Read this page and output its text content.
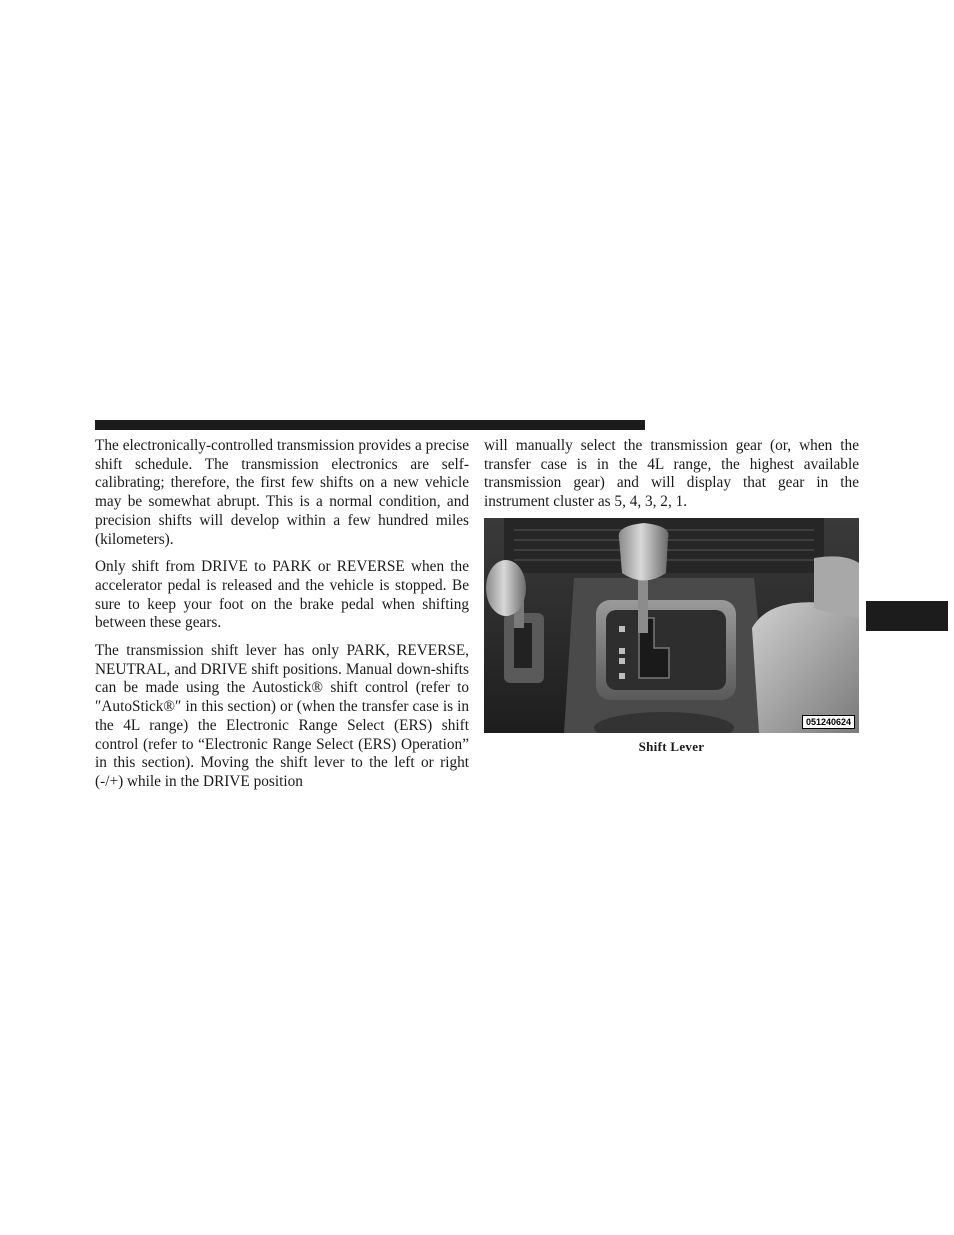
The electronically-controlled transmission provides a precise shift schedule. The transmission electronics are self-calibrating; therefore, the first few shifts on a new vehicle may be somewhat abrupt. This is a normal condition, and precision shifts will develop within a few hundred miles (kilometers).

Only shift from DRIVE to PARK or REVERSE when the accelerator pedal is released and the vehicle is stopped. Be sure to keep your foot on the brake pedal when shifting between these gears.

The transmission shift lever has only PARK, REVERSE, NEUTRAL, and DRIVE shift positions. Manual down-shifts can be made using the Autostick® shift control (refer to ″AutoStick®″ in this section) or (when the transfer case is in the 4L range) the Electronic Range Select (ERS) shift control (refer to “Electronic Range Select (ERS) Operation” in this section). Moving the shift lever to the left or right (-/+) while in the DRIVE position

will manually select the transmission gear (or, when the transfer case is in the 4L range, the highest available transmission gear) and will display that gear in the instrument cluster as 5, 4, 3, 2, 1.

051240624
Shift Lever
